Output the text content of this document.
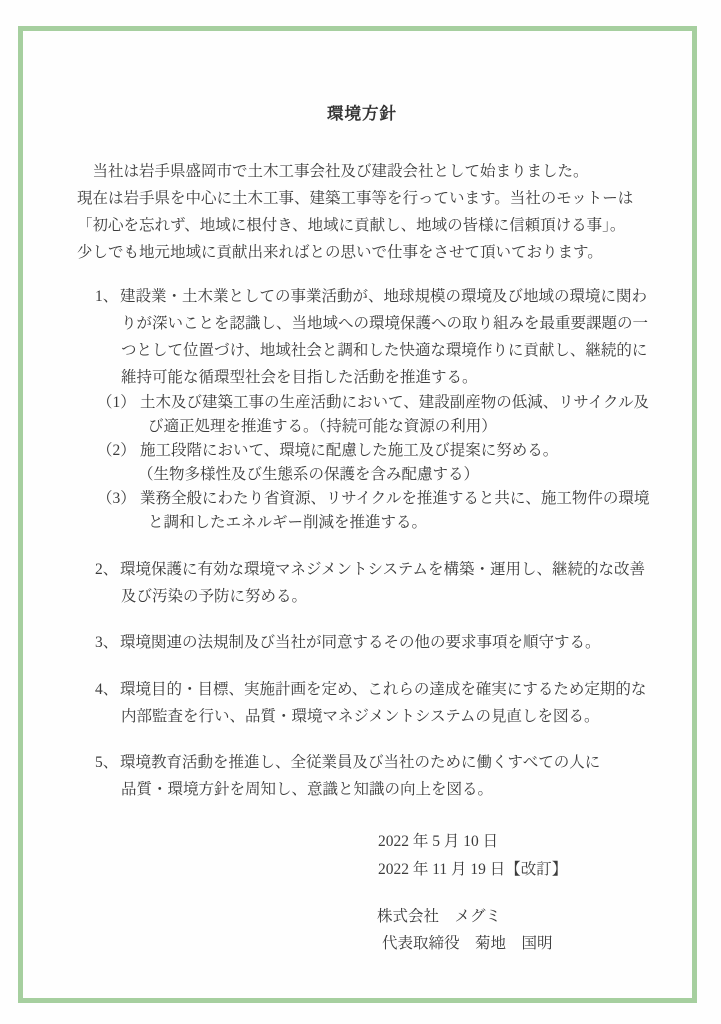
環境方針
当社は岩手県盛岡市で土木工事会社及び建設会社として始まりました。
現在は岩手県を中心に土木工事、建築工事等を行っています。当社のモットーは
「初心を忘れず、地域に根付き、地域に貢献し、地域の皆様に信頼頂ける事」。
少しでも地元地域に貢献出来ればとの思いで仕事をさせて頂いております。
1、 建設業・土木業としての事業活動が、地球規模の環境及び地域の環境に関わ
りが深いことを認識し、当地域への環境保護への取り組みを最重要課題の一
つとして位置づけ、地域社会と調和した快適な環境作りに貢献し、継続的に
維持可能な循環型社会を目指した活動を推進する。
（1） 土木及び建築工事の生産活動において、建設副産物の低減、リサイクル及
び適正処理を推進する。（持続可能な資源の利用）
（2） 施工段階において、環境に配慮した施工及び提案に努める。
（生物多様性及び生態系の保護を含み配慮する）
（3） 業務全般にわたり省資源、リサイクルを推進すると共に、施工物件の環境
と調和したエネルギー削減を推進する。
2、 環境保護に有効な環境マネジメントシステムを構築・運用し、継続的な改善
及び汚染の予防に努める。
3、 環境関連の法規制及び当社が同意するその他の要求事項を順守する。
4、 環境目的・目標、実施計画を定め、これらの達成を確実にするため定期的な
内部監査を行い、品質・環境マネジメントシステムの見直しを図る。
5、 環境教育活動を推進し、全従業員及び当社のために働くすべての人に
品質・環境方針を周知し、意識と知識の向上を図る。
2022 年 5 月 10 日
2022 年 11 月 19 日【改訂】
株式会社　メグミ
代表取締役　菊地　国明
